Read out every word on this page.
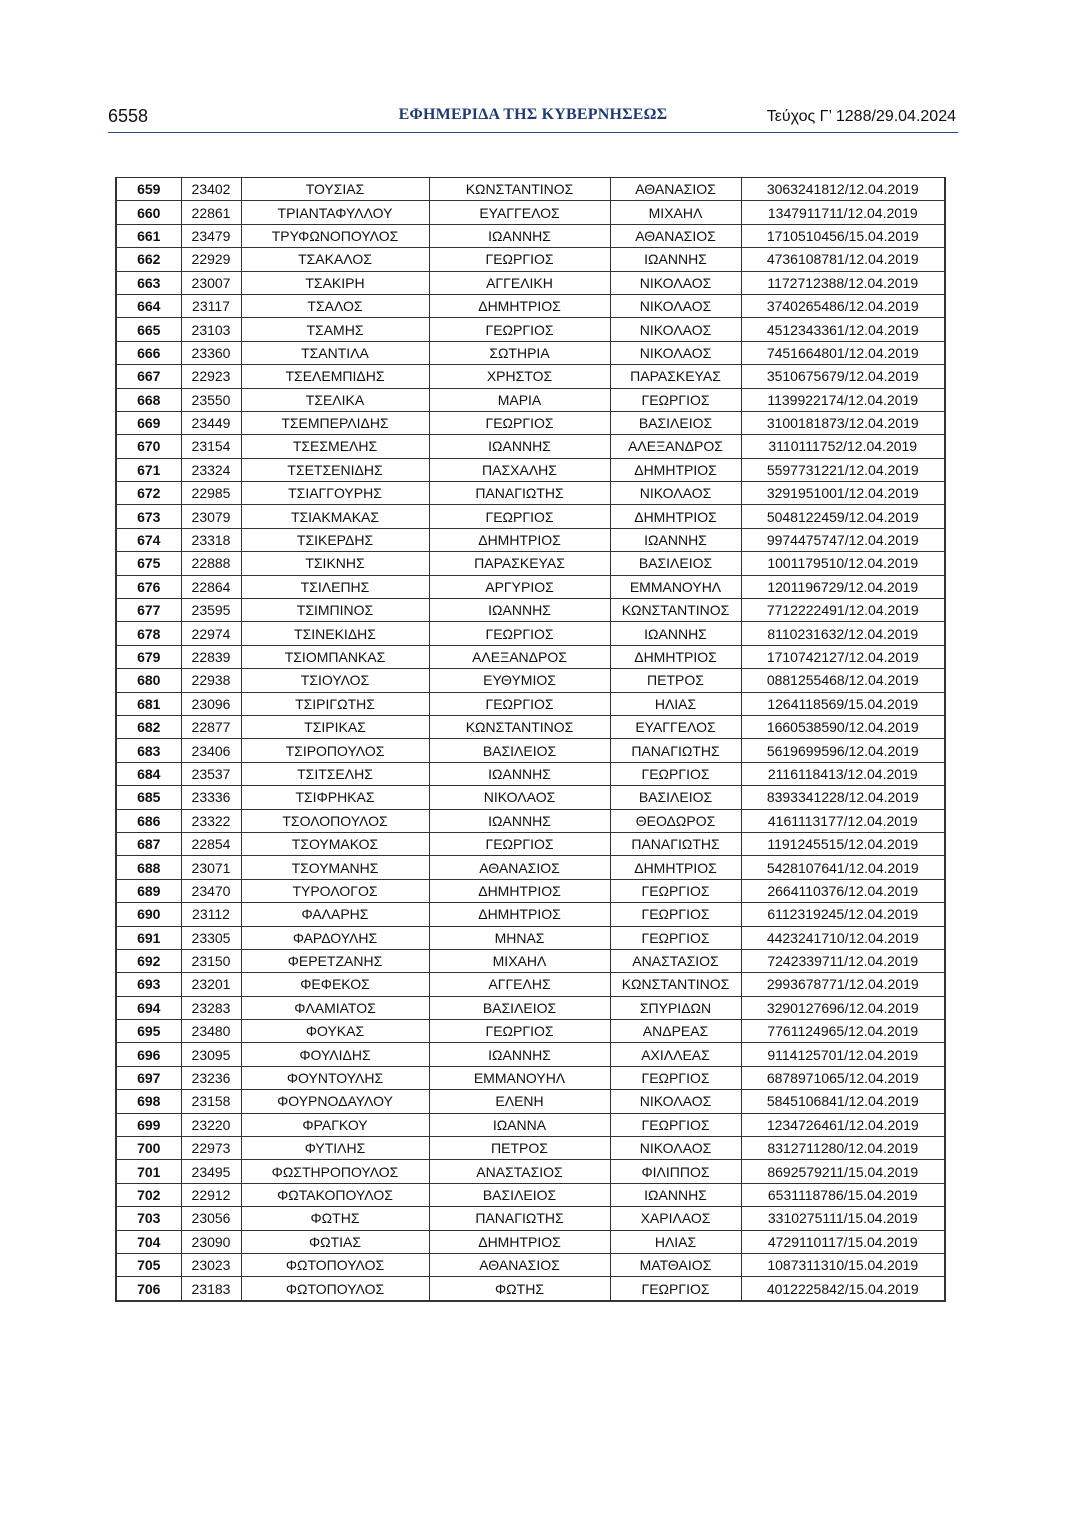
6558	ΕΦΗΜΕΡΙΔΑ ΤΗΣ ΚΥΒΕΡΝΗΣΕΩΣ	Τεύχος Γ’ 1288/29.04.2024
659	23402	ΤΟΥΣΙΑΣ	ΚΩΝΣΤΑΝΤΙΝΟΣ	ΑΘΑΝΑΣΙΟΣ	3063241812/12.04.2019
660	22861	ΤΡΙΑΝΤΑΦΥΛΛΟΥ	ΕΥΑΓΓΕΛΟΣ	ΜΙΧΑΗΛ	1347911711/12.04.2019
661	23479	ΤΡΥΦΩΝΟΠΟΥΛΟΣ	ΙΩΑΝΝΗΣ	ΑΘΑΝΑΣΙΟΣ	1710510456/15.04.2019
662	22929	ΤΣΑΚΑΛΟΣ	ΓΕΩΡΓΙΟΣ	ΙΩΑΝΝΗΣ	4736108781/12.04.2019
663	23007	ΤΣΑΚΙΡΗ	ΑΓΓΕΛΙΚΗ	ΝΙΚΟΛΑΟΣ	1172712388/12.04.2019
664	23117	ΤΣΑΛΟΣ	ΔΗΜΗΤΡΙΟΣ	ΝΙΚΟΛΑΟΣ	3740265486/12.04.2019
665	23103	ΤΣΑΜΗΣ	ΓΕΩΡΓΙΟΣ	ΝΙΚΟΛΑΟΣ	4512343361/12.04.2019
666	23360	ΤΣΑΝΤΙΛΑ	ΣΩΤΗΡΙΑ	ΝΙΚΟΛΑΟΣ	7451664801/12.04.2019
667	22923	ΤΣΕΛΕΜΠΙΔΗΣ	ΧΡΗΣΤΟΣ	ΠΑΡΑΣΚΕΥΑΣ	3510675679/12.04.2019
668	23550	ΤΣΕΛΙΚΑ	ΜΑΡΙΑ	ΓΕΩΡΓΙΟΣ	1139922174/12.04.2019
669	23449	ΤΣΕΜΠΕΡΛΙΔΗΣ	ΓΕΩΡΓΙΟΣ	ΒΑΣΙΛΕΙΟΣ	3100181873/12.04.2019
670	23154	ΤΣΕΣΜΕΛΗΣ	ΙΩΑΝΝΗΣ	ΑΛΕΞΑΝΔΡΟΣ	3110111752/12.04.2019
671	23324	ΤΣΕΤΣΕΝΙΔΗΣ	ΠΑΣΧΑΛΗΣ	ΔΗΜΗΤΡΙΟΣ	5597731221/12.04.2019
672	22985	ΤΣΙΑΓΓΟΥΡΗΣ	ΠΑΝΑΓΙΩΤΗΣ	ΝΙΚΟΛΑΟΣ	3291951001/12.04.2019
673	23079	ΤΣΙΑΚΜΑΚΑΣ	ΓΕΩΡΓΙΟΣ	ΔΗΜΗΤΡΙΟΣ	5048122459/12.04.2019
674	23318	ΤΣΙΚΕΡΔΗΣ	ΔΗΜΗΤΡΙΟΣ	ΙΩΑΝΝΗΣ	9974475747/12.04.2019
675	22888	ΤΣΙΚΝΗΣ	ΠΑΡΑΣΚΕΥΑΣ	ΒΑΣΙΛΕΙΟΣ	1001179510/12.04.2019
676	22864	ΤΣΙΛΕΠΗΣ	ΑΡΓΥΡΙΟΣ	ΕΜΜΑΝΟΥΗΛ	1201196729/12.04.2019
677	23595	ΤΣΙΜΠΙΝΟΣ	ΙΩΑΝΝΗΣ	ΚΩΝΣΤΑΝΤΙΝΟΣ	7712222491/12.04.2019
678	22974	ΤΣΙΝΕΚΙΔΗΣ	ΓΕΩΡΓΙΟΣ	ΙΩΑΝΝΗΣ	8110231632/12.04.2019
679	22839	ΤΣΙΟΜΠΑΝΚΑΣ	ΑΛΕΞΑΝΔΡΟΣ	ΔΗΜΗΤΡΙΟΣ	1710742127/12.04.2019
680	22938	ΤΣΙΟΥΛΟΣ	ΕΥΘΥΜΙΟΣ	ΠΕΤΡΟΣ	0881255468/12.04.2019
681	23096	ΤΣΙΡΙΓΩΤΗΣ	ΓΕΩΡΓΙΟΣ	ΗΛΙΑΣ	1264118569/15.04.2019
682	22877	ΤΣΙΡΙΚΑΣ	ΚΩΝΣΤΑΝΤΙΝΟΣ	ΕΥΑΓΓΕΛΟΣ	1660538590/12.04.2019
683	23406	ΤΣΙΡΟΠΟΥΛΟΣ	ΒΑΣΙΛΕΙΟΣ	ΠΑΝΑΓΙΩΤΗΣ	5619699596/12.04.2019
684	23537	ΤΣΙΤΣΕΛΗΣ	ΙΩΑΝΝΗΣ	ΓΕΩΡΓΙΟΣ	2116118413/12.04.2019
685	23336	ΤΣΙΦΡΗΚΑΣ	ΝΙΚΟΛΑΟΣ	ΒΑΣΙΛΕΙΟΣ	8393341228/12.04.2019
686	23322	ΤΣΟΛΟΠΟΥΛΟΣ	ΙΩΑΝΝΗΣ	ΘΕΟΔΩΡΟΣ	4161113177/12.04.2019
687	22854	ΤΣΟΥΜΑΚΟΣ	ΓΕΩΡΓΙΟΣ	ΠΑΝΑΓΙΩΤΗΣ	1191245515/12.04.2019
688	23071	ΤΣΟΥΜΑΝΗΣ	ΑΘΑΝΑΣΙΟΣ	ΔΗΜΗΤΡΙΟΣ	5428107641/12.04.2019
689	23470	ΤΥΡΟΛΟΓΟΣ	ΔΗΜΗΤΡΙΟΣ	ΓΕΩΡΓΙΟΣ	2664110376/12.04.2019
690	23112	ΦΑΛΑΡΗΣ	ΔΗΜΗΤΡΙΟΣ	ΓΕΩΡΓΙΟΣ	6112319245/12.04.2019
691	23305	ΦΑΡΔΟΥΛΗΣ	ΜΗΝΑΣ	ΓΕΩΡΓΙΟΣ	4423241710/12.04.2019
692	23150	ΦΕΡΕΤΖΑΝΗΣ	ΜΙΧΑΗΛ	ΑΝΑΣΤΑΣΙΟΣ	7242339711/12.04.2019
693	23201	ΦΕΦΕΚΟΣ	ΑΓΓΕΛΗΣ	ΚΩΝΣΤΑΝΤΙΝΟΣ	2993678771/12.04.2019
694	23283	ΦΛΑΜΙΑΤΟΣ	ΒΑΣΙΛΕΙΟΣ	ΣΠΥΡΙΔΩΝ	3290127696/12.04.2019
695	23480	ΦΟΥΚΑΣ	ΓΕΩΡΓΙΟΣ	ΑΝΔΡΕΑΣ	7761124965/12.04.2019
696	23095	ΦΟΥΛΙΔΗΣ	ΙΩΑΝΝΗΣ	ΑΧΙΛΛΕΑΣ	9114125701/12.04.2019
697	23236	ΦΟΥΝΤΟΥΛΗΣ	ΕΜΜΑΝΟΥΗΛ	ΓΕΩΡΓΙΟΣ	6878971065/12.04.2019
698	23158	ΦΟΥΡΝΟΔΑΥΛΟΥ	ΕΛΕΝΗ	ΝΙΚΟΛΑΟΣ	5845106841/12.04.2019
699	23220	ΦΡΑΓΚΟΥ	ΙΩΑΝΝΑ	ΓΕΩΡΓΙΟΣ	1234726461/12.04.2019
700	22973	ΦΥΤΙΛΗΣ	ΠΕΤΡΟΣ	ΝΙΚΟΛΑΟΣ	8312711280/12.04.2019
701	23495	ΦΩΣΤΗΡΟΠΟΥΛΟΣ	ΑΝΑΣΤΑΣΙΟΣ	ΦΙΛΙΠΠΟΣ	8692579211/15.04.2019
702	22912	ΦΩΤΑΚΟΠΟΥΛΟΣ	ΒΑΣΙΛΕΙΟΣ	ΙΩΑΝΝΗΣ	6531118786/15.04.2019
703	23056	ΦΩΤΗΣ	ΠΑΝΑΓΙΩΤΗΣ	ΧΑΡΙΛΑΟΣ	3310275111/15.04.2019
704	23090	ΦΩΤΙΑΣ	ΔΗΜΗΤΡΙΟΣ	ΗΛΙΑΣ	4729110117/15.04.2019
705	23023	ΦΩΤΟΠΟΥΛΟΣ	ΑΘΑΝΑΣΙΟΣ	ΜΑΤΘΑΙΟΣ	1087311310/15.04.2019
706	23183	ΦΩΤΟΠΟΥΛΟΣ	ΦΩΤΗΣ	ΓΕΩΡΓΙΟΣ	4012225842/15.04.2019
